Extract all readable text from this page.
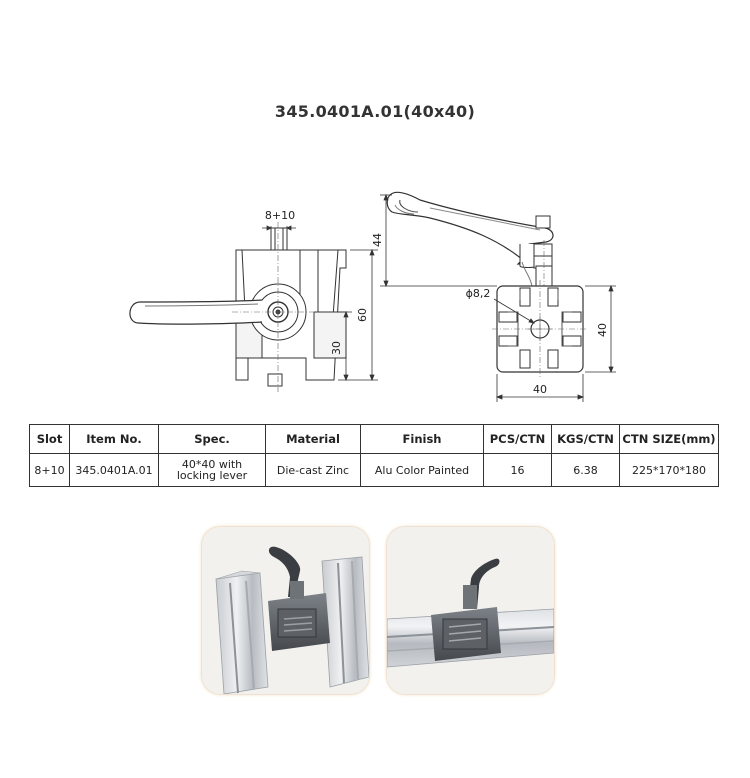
345.0401A.01(40x40)
8+10
60
30
ϕ8,2
44
40
40
Slot	Item No.	Spec.	Material	Finish	PCS/CTN	KGS/CTN	CTN SIZE(mm)
8+10	345.0401A.01	40*40 with locking lever	Die-cast Zinc	Alu Color Painted	16	6.38	225*170*180
